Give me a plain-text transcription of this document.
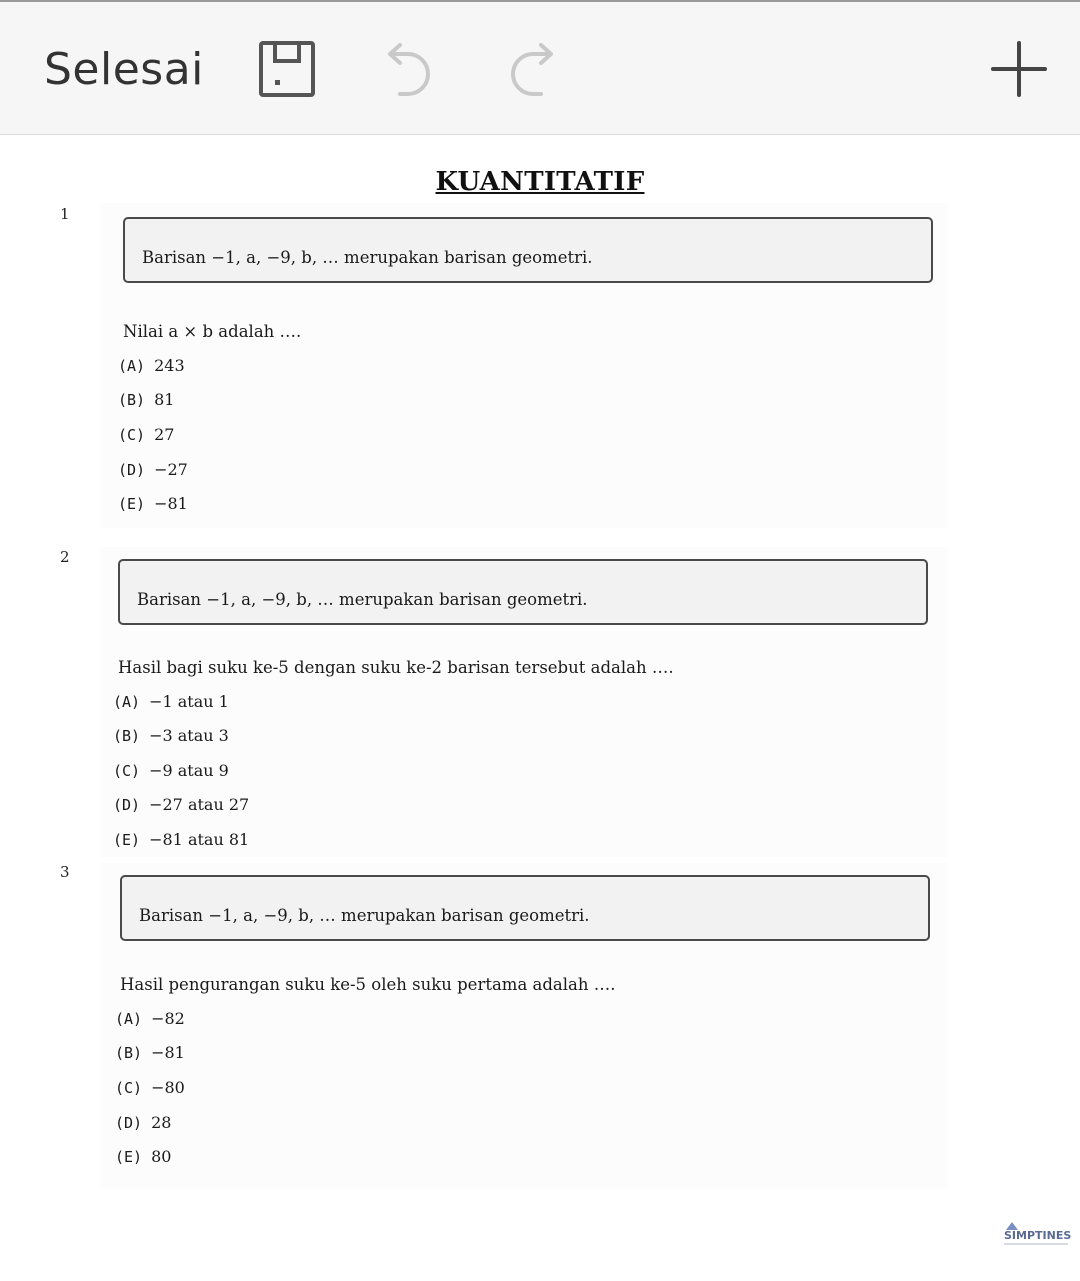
Selesai
KUANTITATIF
1
Barisan −1, a, −9, b, … merupakan barisan geometri.
Nilai a × b adalah ….
(A) 243
(B) 81
(C) 27
(D) −27
(E) −81
2
Barisan −1, a, −9, b, … merupakan barisan geometri.
Hasil bagi suku ke-5 dengan suku ke-2 barisan tersebut adalah ….
(A) −1 atau 1
(B) −3 atau 3
(C) −9 atau 9
(D) −27 atau 27
(E) −81 atau 81
3
Barisan −1, a, −9, b, … merupakan barisan geometri.
Hasil pengurangan suku ke-5 oleh suku pertama adalah ….
(A) −82
(B) −81
(C) −80
(D) 28
(E) 80
SIMPTINES
